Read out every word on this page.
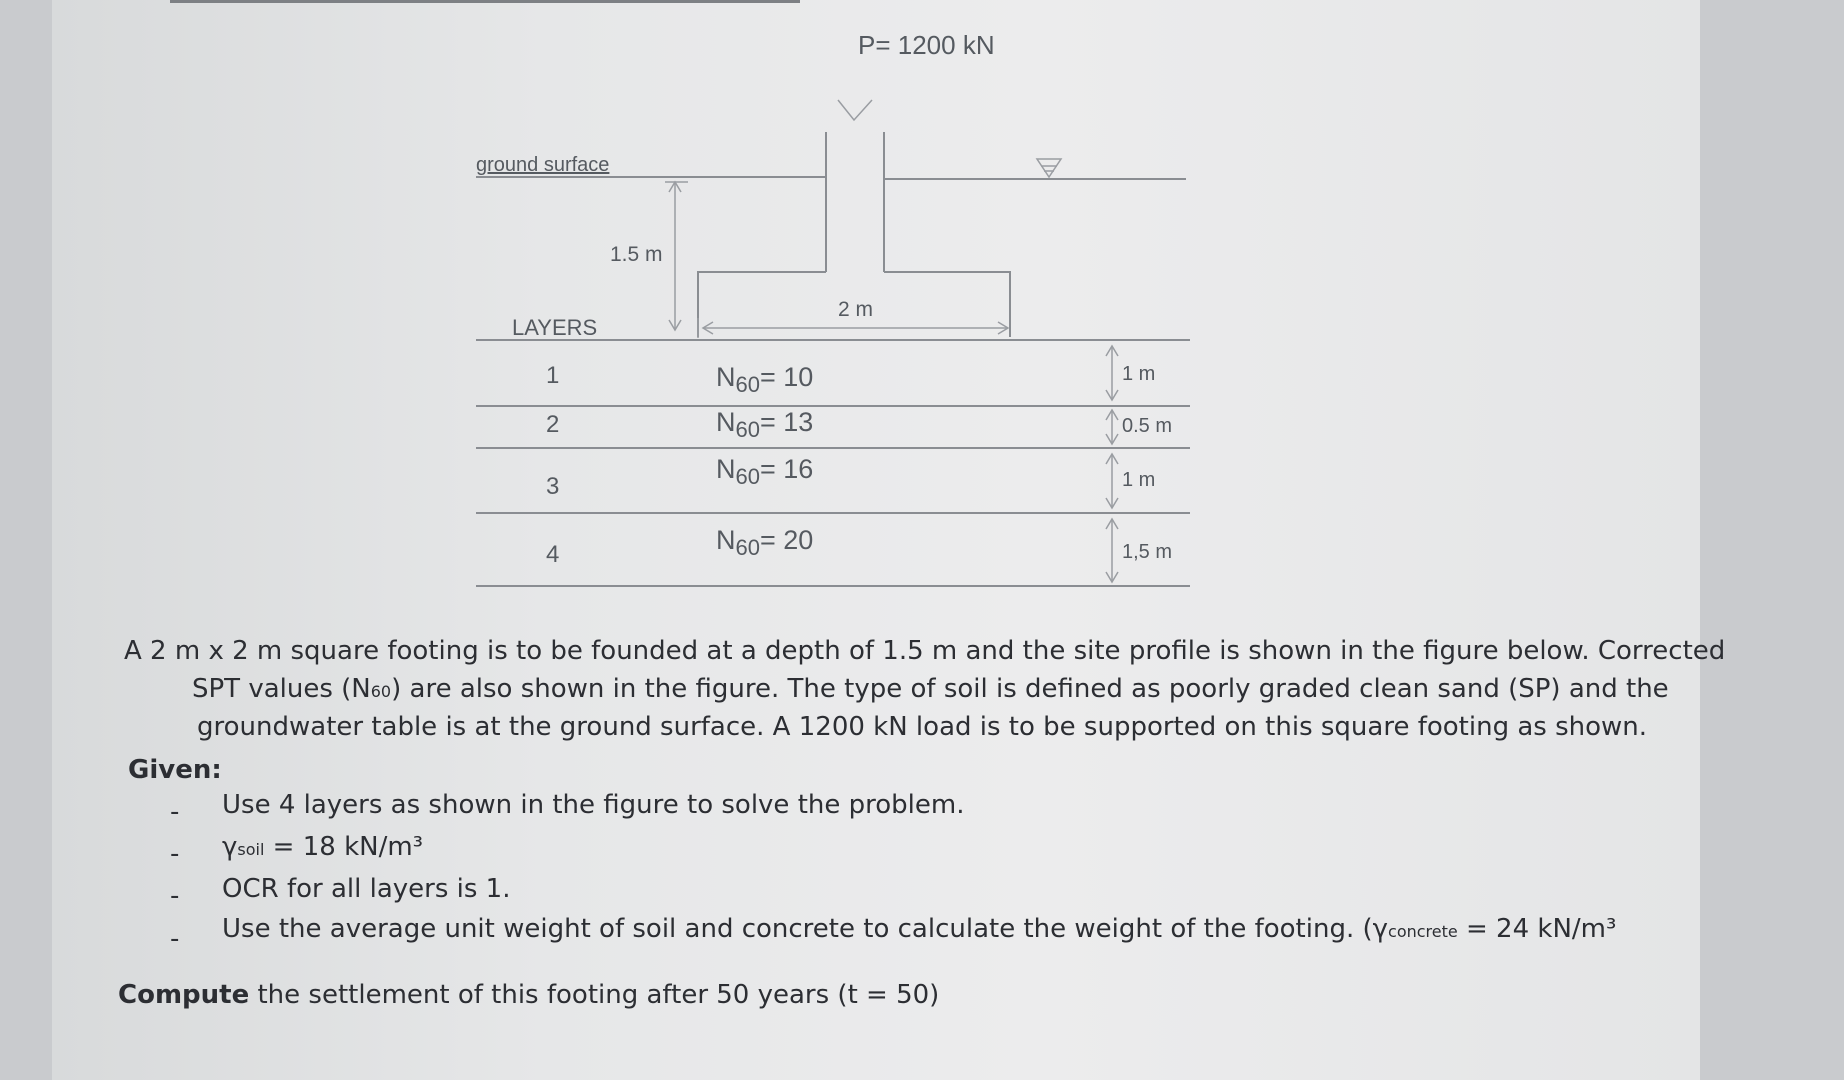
P= 1200 kN
ground surface
1.5 m
2 m
LAYERS
1
2
3
4
$N_{60}= 10$
$N_{60}= 13$
$N_{60}= 16$
$N_{60}= 20$
1 m
0.5 m
1 m
1,5 m
A 2 m x 2 m square footing is to be founded at a depth of 1.5 m and the site profile is shown in the figure below. Corrected
SPT values (N60) are also shown in the figure. The type of soil is defined as poorly graded clean sand (SP) and the
groundwater table is at the ground surface. A 1200 kN load is to be supported on this square footing as shown.
Given:
- Use 4 layers as shown in the figure to solve the problem.
- γsoil = 18 kN/m³
- OCR for all layers is 1.
- Use the average unit weight of soil and concrete to calculate the weight of the footing. (γconcrete = 24 kN/m³
Compute the settlement of this footing after 50 years (t = 50)
